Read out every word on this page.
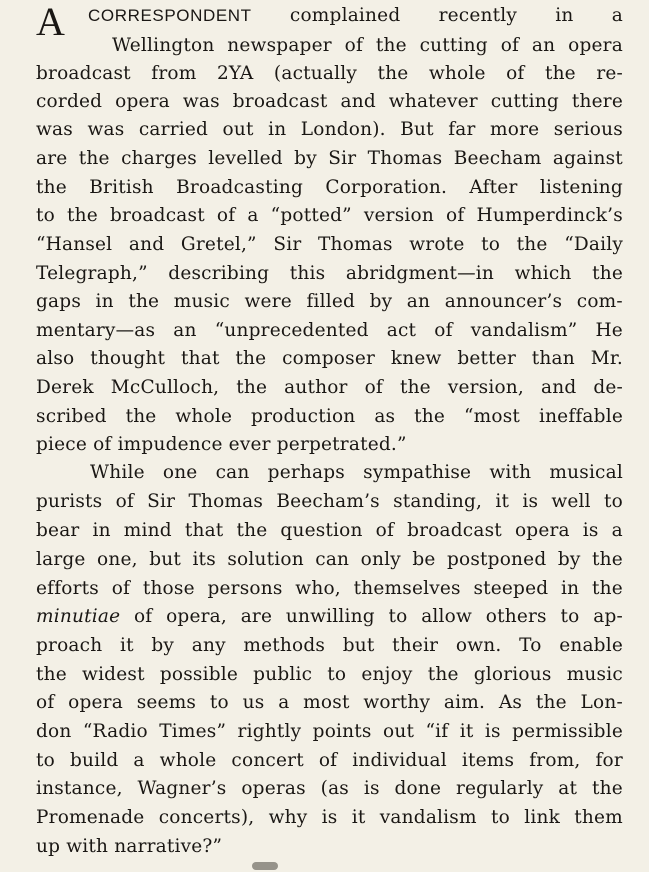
A CORRESPONDENT complained recently in a
Wellington newspaper of the cutting of an opera
broadcast from 2YA (actually the whole of the re-
corded opera was broadcast and whatever cutting there
was was carried out in London). But far more serious
are the charges levelled by Sir Thomas Beecham against
the British Broadcasting Corporation. After listening
to the broadcast of a “potted” version of Humperdinck’s
“Hansel and Gretel,” Sir Thomas wrote to the “Daily
Telegraph,” describing this abridgment—in which the
gaps in the music were filled by an announcer’s com-
mentary—as an “unprecedented act of vandalism” He
also thought that the composer knew better than Mr.
Derek McCulloch, the author of the version, and de-
scribed the whole production as the “most ineffable
piece of impudence ever perpetrated.”
While one can perhaps sympathise with musical
purists of Sir Thomas Beecham’s standing, it is well to
bear in mind that the question of broadcast opera is a
large one, but its solution can only be postponed by the
efforts of those persons who, themselves steeped in the
minutiae of opera, are unwilling to allow others to ap-
proach it by any methods but their own. To enable
the widest possible public to enjoy the glorious music
of opera seems to us a most worthy aim. As the Lon-
don “Radio Times” rightly points out “if it is permissible
to build a whole concert of individual items from, for
instance, Wagner’s operas (as is done regularly at the
Promenade concerts), why is it vandalism to link them
up with narrative?”
